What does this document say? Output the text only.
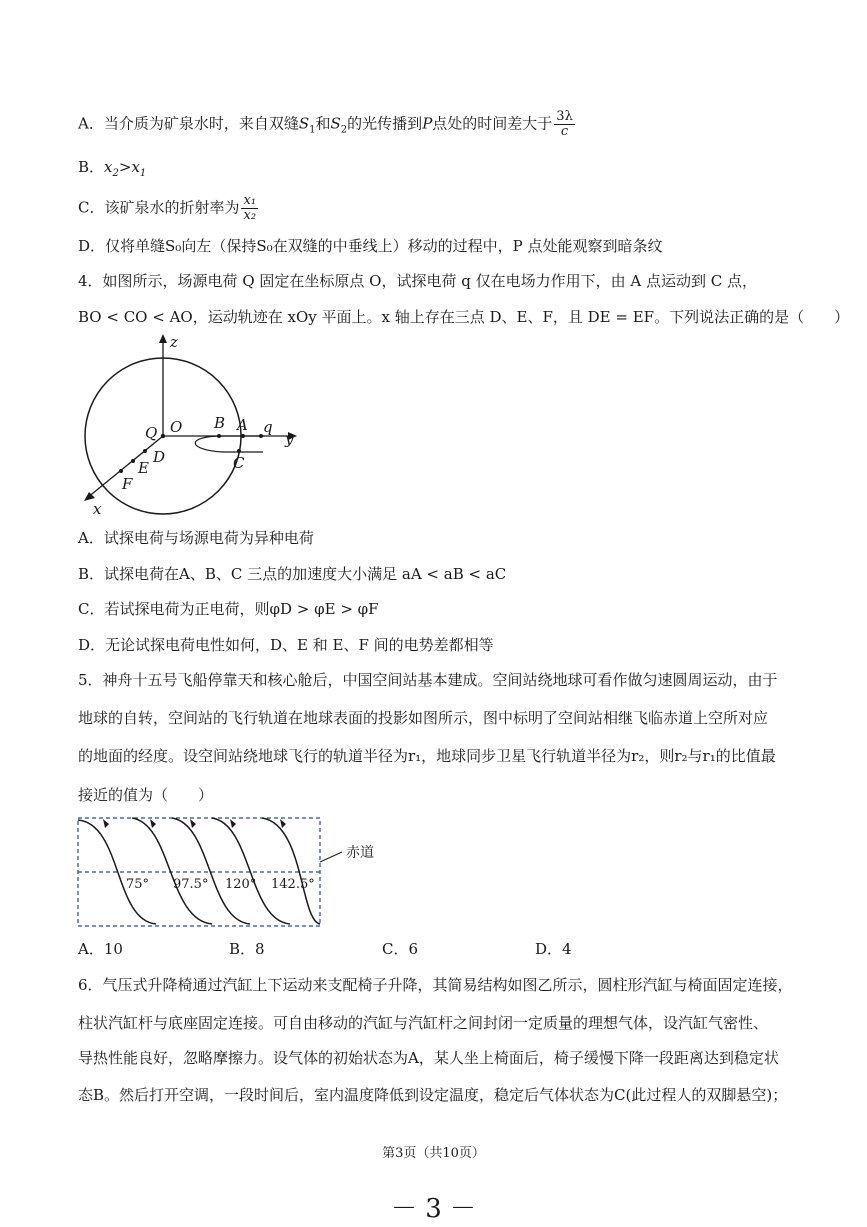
A．当介质为矿泉水时，来自双缝$S_1$和$S_2$的光传播到P点处的时间差大于 $\frac{3\lambda}{c}$
B．$x_2>x_1$
C．该矿泉水的折射率为 $\frac{\text{x₁}}{\text{x₂}}$
D．仅将单缝S₀向左（保持S₀在双缝的中垂线上）移动的过程中，P 点处能观察到暗条纹
4．如图所示，场源电荷 Q 固定在坐标原点 O，试探电荷 q 仅在电场力作用下，由 A 点运动到 C 点，
BO < CO < AO，运动轨迹在 xOy 平面上。x 轴上存在三点 D、E、F，且 DE = EF。下列说法正确的是（　　）
z
O
Q
B A q
y
C
D
E
F
x
A．试探电荷与场源电荷为异种电荷
B．试探电荷在A、B、C 三点的加速度大小满足 aA < aB < aC
C．若试探电荷为正电荷，则φD > φE > φF
D．无论试探电荷电性如何，D、E 和 E、F 间的电势差都相等
5．神舟十五号飞船停靠天和核心舱后，中国空间站基本建成。空间站绕地球可看作做匀速圆周运动，由于
地球的自转，空间站的飞行轨道在地球表面的投影如图所示，图中标明了空间站相继飞临赤道上空所对应
的地面的经度。设空间站绕地球飞行的轨道半径为r₁，地球同步卫星飞行轨道半径为r₂，则r₂与r₁的比值最
接近的值为（　　）
赤道
75° 97.5° 120° 142.5°
A．10	B．8	C．6	D．4
6．气压式升降椅通过汽缸上下运动来支配椅子升降，其简易结构如图乙所示，圆柱形汽缸与椅面固定连接，
柱状汽缸杆与底座固定连接。可自由移动的汽缸与汽缸杆之间封闭一定质量的理想气体，设汽缸气密性、
导热性能良好，忽略摩擦力。设气体的初始状态为A，某人坐上椅面后，椅子缓慢下降一段距离达到稳定状
态B。然后打开空调，一段时间后，室内温度降低到设定温度，稳定后气体状态为C(此过程人的双脚悬空)；
第3页（共10页）
－ 3 －
